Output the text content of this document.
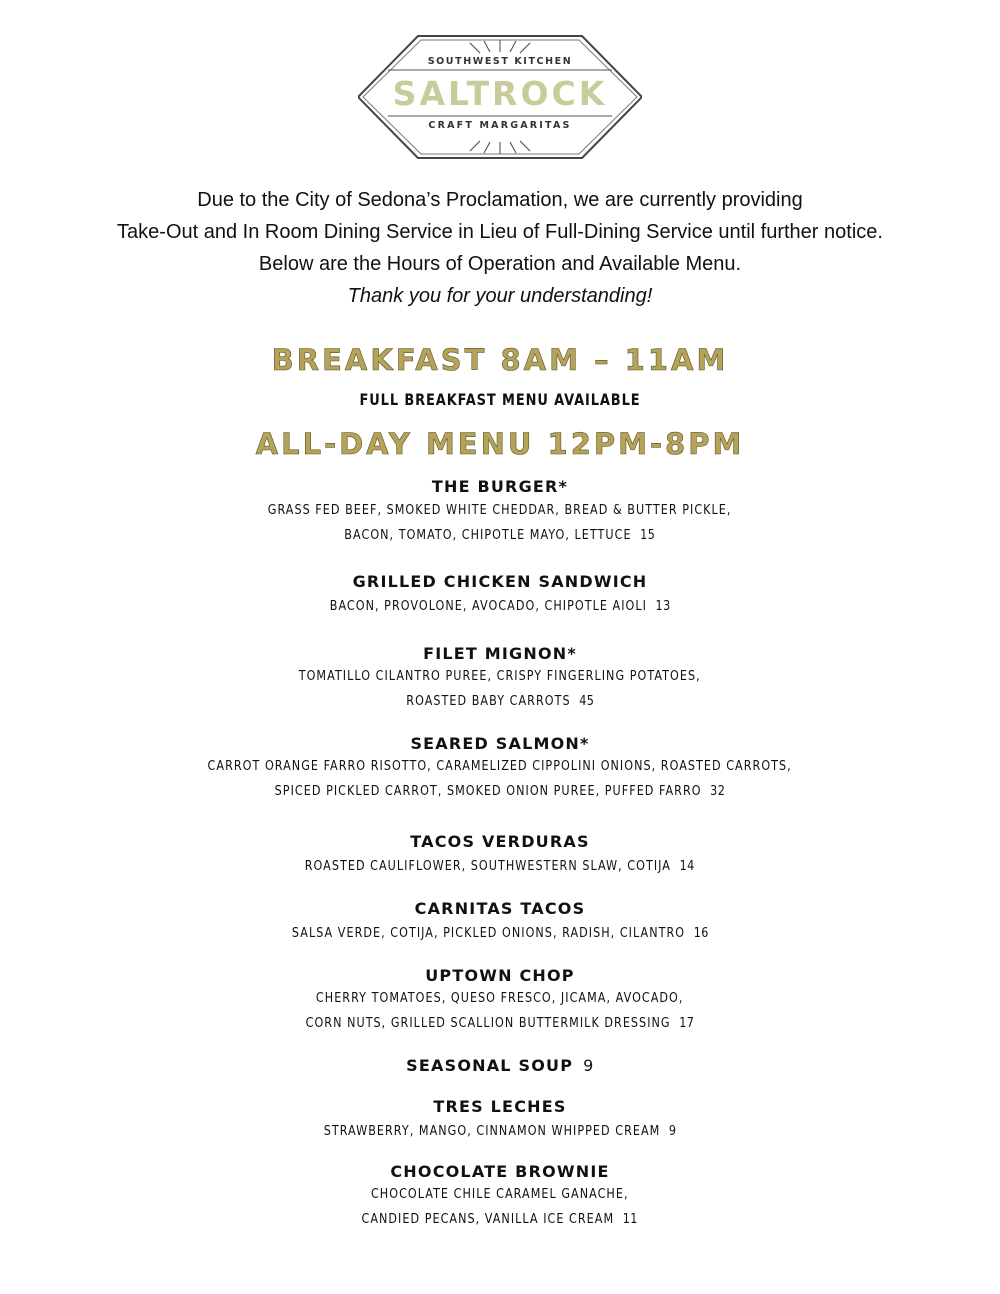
SOUTHWEST KITCHEN
SALTROCK
CRAFT MARGARITAS
Due to the City of Sedona’s Proclamation, we are currently providing
Take-Out and In Room Dining Service in Lieu of Full-Dining Service until further notice.
Below are the Hours of Operation and Available Menu.
Thank you for your understanding!
BREAKFAST 8AM – 11AM
FULL BREAKFAST MENU AVAILABLE
ALL-DAY MENU 12PM-8PM
THE BURGER*
GRASS FED BEEF, SMOKED WHITE CHEDDAR, BREAD & BUTTER PICKLE,
BACON, TOMATO, CHIPOTLE MAYO, LETTUCE 15
GRILLED CHICKEN SANDWICH
BACON, PROVOLONE, AVOCADO, CHIPOTLE AIOLI 13
FILET MIGNON*
TOMATILLO CILANTRO PUREE, CRISPY FINGERLING POTATOES,
ROASTED BABY CARROTS 45
SEARED SALMON*
CARROT ORANGE FARRO RISOTTO, CARAMELIZED CIPPOLINI ONIONS, ROASTED CARROTS,
SPICED PICKLED CARROT, SMOKED ONION PUREE, PUFFED FARRO 32
TACOS VERDURAS
ROASTED CAULIFLOWER, SOUTHWESTERN SLAW, COTIJA 14
CARNITAS TACOS
SALSA VERDE, COTIJA, PICKLED ONIONS, RADISH, CILANTRO 16
UPTOWN CHOP
CHERRY TOMATOES, QUESO FRESCO, JICAMA, AVOCADO,
CORN NUTS, GRILLED SCALLION BUTTERMILK DRESSING 17
SEASONAL SOUP 9
TRES LECHES
STRAWBERRY, MANGO, CINNAMON WHIPPED CREAM 9
CHOCOLATE BROWNIE
CHOCOLATE CHILE CARAMEL GANACHE,
CANDIED PECANS, VANILLA ICE CREAM 11
